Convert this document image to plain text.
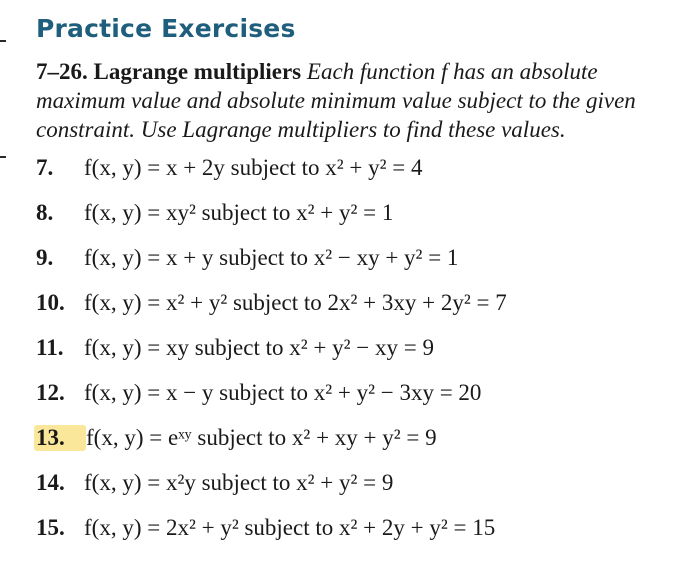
Practice Exercises
7–26. Lagrange multipliers Each function f has an absolute maximum value and absolute minimum value subject to the given constraint. Use Lagrange multipliers to find these values.
7.	f(x, y) = x + 2y subject to x² + y² = 4
8.	f(x, y) = xy² subject to x² + y² = 1
9.	f(x, y) = x + y subject to x² − xy + y² = 1
10. f(x, y) = x² + y² subject to 2x² + 3xy + 2y² = 7
11. f(x, y) = xy subject to x² + y² − xy = 9
12. f(x, y) = x − y subject to x² + y² − 3xy = 20
13. f(x, y) = eˣʸ subject to x² + xy + y² = 9
14. f(x, y) = x²y subject to x² + y² = 9
15. f(x, y) = 2x² + y² subject to x² + 2y + y² = 15
